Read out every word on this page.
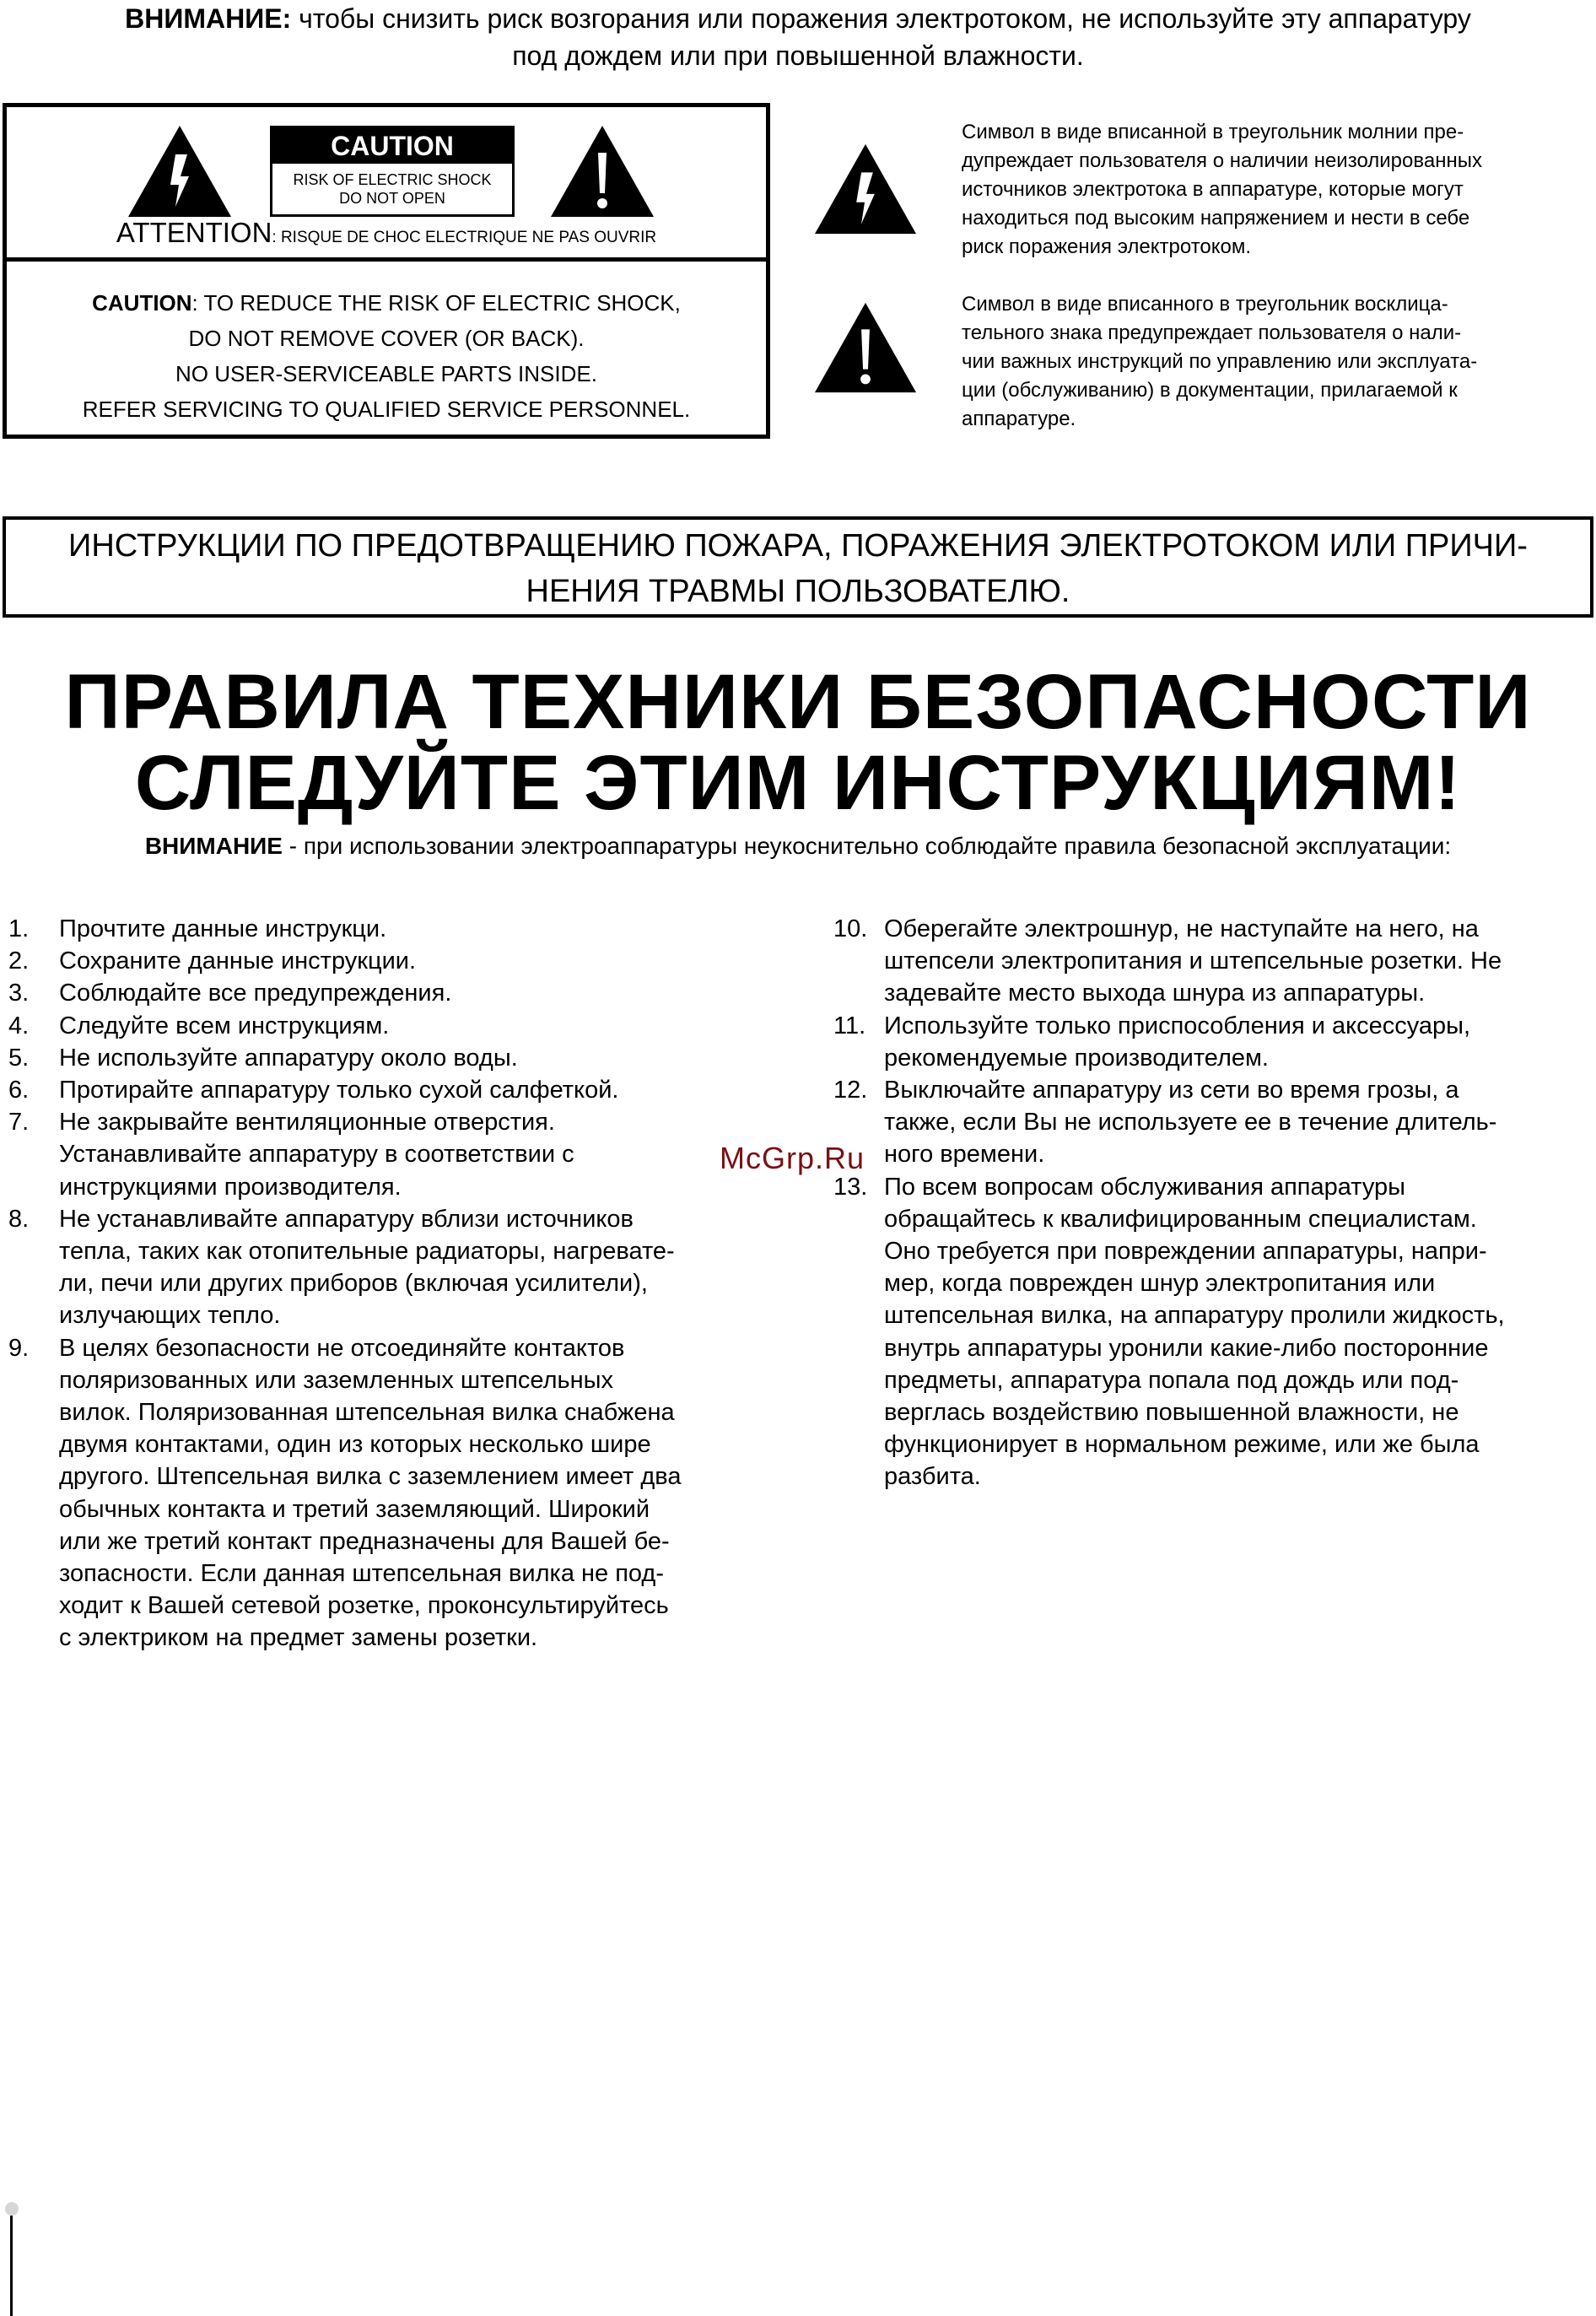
ВНИМАНИЕ: чтобы снизить риск возгорания или поражения электротоком, не используйте эту аппаратуру
под дождем или при повышенной влажности.
CAUTION
RISK OF ELECTRIC SHOCK
DO NOT OPEN
ATTENTION: RISQUE DE CHOC ELECTRIQUE NE PAS OUVRIR
CAUTION: TO REDUCE THE RISK OF ELECTRIC SHOCK,
DO NOT REMOVE COVER (OR BACK).
NO USER-SERVICEABLE PARTS INSIDE.
REFER SERVICING TO QUALIFIED SERVICE PERSONNEL.
Символ в виде вписанной в треугольник молнии пре-
дупреждает пользователя о наличии неизолированных
источников электротока в аппаратуре, которые могут
находиться под высоким напряжением и нести в себе
риск поражения электротоком.
Символ в виде вписанного в треугольник восклица-
тельного знака предупреждает пользователя о нали-
чии важных инструкций по управлению или эксплуата-
ции (обслуживанию) в документации, прилагаемой к
аппаратуре.
ИНСТРУКЦИИ ПО ПРЕДОТВРАЩЕНИЮ ПОЖАРА, ПОРАЖЕНИЯ ЭЛЕКТРОТОКОМ ИЛИ ПРИЧИ-
НЕНИЯ ТРАВМЫ ПОЛЬЗОВАТЕЛЮ.
ПРАВИЛА ТЕХНИКИ БЕЗОПАСНОСТИ
СЛЕДУЙТЕ ЭТИМ ИНСТРУКЦИЯМ!
ВНИМАНИЕ - при использовании электроаппаратуры неукоснительно соблюдайте правила безопасной эксплуатации:
1.	Прочтите данные инструкци.
2.	Сохраните данные инструкции.
3.	Соблюдайте все предупреждения.
4.	Следуйте всем инструкциям.
5.	Не используйте аппаратуру около воды.
6.	Протирайте аппаратуру только сухой салфеткой.
7.	Не закрывайте вентиляционные отверстия.
Устанавливайте аппаратуру в соответствии с
инструкциями производителя.
8.	Не устанавливайте аппаратуру вблизи источников
тепла, таких как отопительные радиаторы, нагревате-
ли, печи или других приборов (включая усилители),
излучающих тепло.
9.	В целях безопасности не отсоединяйте контактов
поляризованных или заземленных штепсельных
вилок. Поляризованная штепсельная вилка снабжена
двумя контактами, один из которых несколько шире
другого. Штепсельная вилка с заземлением имеет два
обычных контакта и третий заземляющий. Широкий
или же третий контакт предназначены для Вашей бе-
зопасности. Если данная штепсельная вилка не под-
ходит к Вашей сетевой розетке, проконсультируйтесь
с электриком на предмет замены розетки.
10. Оберегайте электрошнур, не наступайте на него, на
штепсели электропитания и штепсельные розетки. Не
задевайте место выхода шнура из аппаратуры.
11. Используйте только приспособления и аксессуары,
рекомендуемые производителем.
12. Выключайте аппаратуру из сети во время грозы, а
также, если Вы не используете ее в течение длитель-
ного времени.
13. По всем вопросам обслуживания аппаратуры
обращайтесь к квалифицированным специалистам.
Оно требуется при повреждении аппаратуры, напри-
мер, когда поврежден шнур электропитания или
штепсельная вилка, на аппаратуру пролили жидкость,
внутрь аппаратуры уронили какие-либо посторонние
предметы, аппаратура попала под дождь или под-
верглась воздействию повышенной влажности, не
функционирует в нормальном режиме, или же была
разбита.
McGrp.Ru
